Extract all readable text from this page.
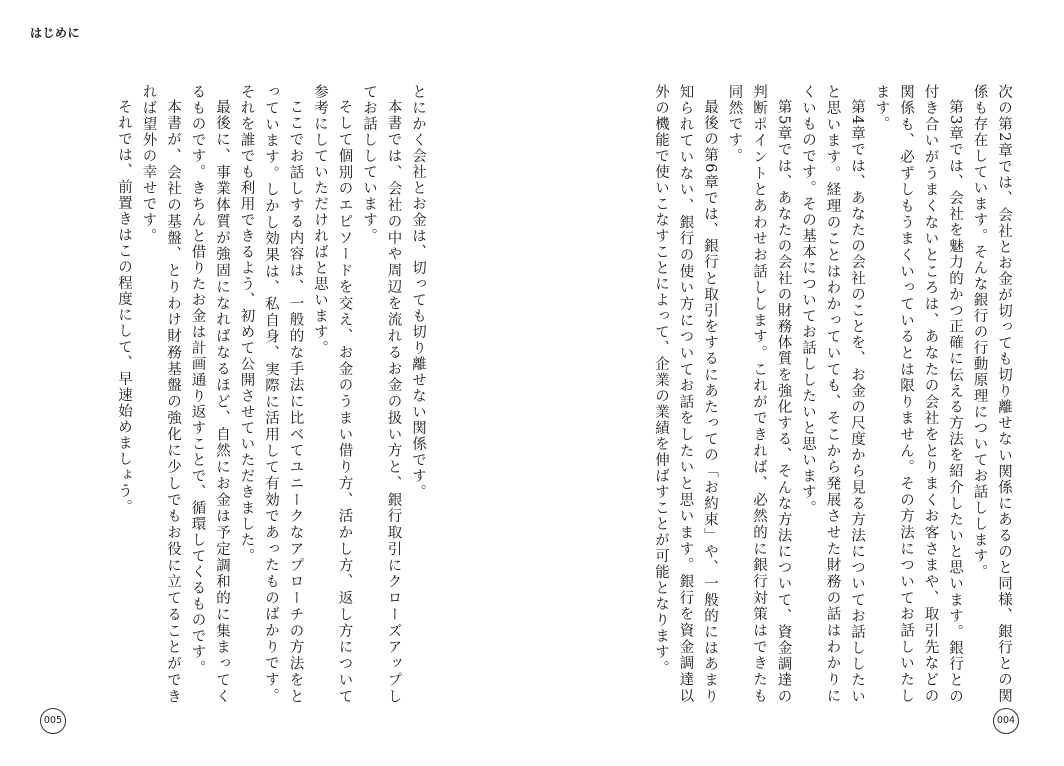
はじめに

次の第2章では、会社とお金が切っても切り離せない関係にあるのと同様、銀行との関係も存在しています。そんな銀行の行動原理についてお話しします。

第3章では、会社を魅力的かつ正確に伝える方法を紹介したいと思います。銀行との付き合いがうまくないところは、あなたの会社をとりまくお客さまや、取引先などの関係も、必ずしもうまくいっているとは限りません。その方法についてお話しいたします。

第4章では、あなたの会社のことを、お金の尺度から見る方法についてお話ししたいと思います。経理のことはわかっていても、そこから発展させた財務の話はわかりにくいものです。その基本についてお話ししたいと思います。

第5章では、あなたの会社の財務体質を強化する、そんな方法について、資金調達の判断ポイントとあわせお話しします。これができれば、必然的に銀行対策はできたも同然です。

最後の第6章では、銀行と取引をするにあたっての「お約束」や、一般的にはあまり知られていない、銀行の使い方についてお話をしたいと思います。銀行を資金調達以外の機能で使いこなすことによって、企業の業績を伸ばすことが可能となります。

とにかく会社とお金は、切っても切り離せない関係です。

本書では、会社の中や周辺を流れるお金の扱い方と、銀行取引にクローズアップしてお話ししています。

そして個別のエピソードを交え、お金のうまい借り方、活かし方、返し方について参考にしていただければと思います。

ここでお話しする内容は、一般的な手法に比べてユニークなアプローチの方法をとっています。しかし効果は、私自身、実際に活用して有効であったものばかりです。それを誰でも利用できるよう、初めて公開させていただきました。

最後に、事業体質が強固になればなるほど、自然にお金は予定調和的に集まってくるものです。きちんと借りたお金は計画通り返すことで、循環してくるものです。

本書が、会社の基盤、とりわけ財務基盤の強化に少しでもお役に立てることができれば望外の幸せです。

それでは、前置きはこの程度にして、早速始めましょう。

005	004
